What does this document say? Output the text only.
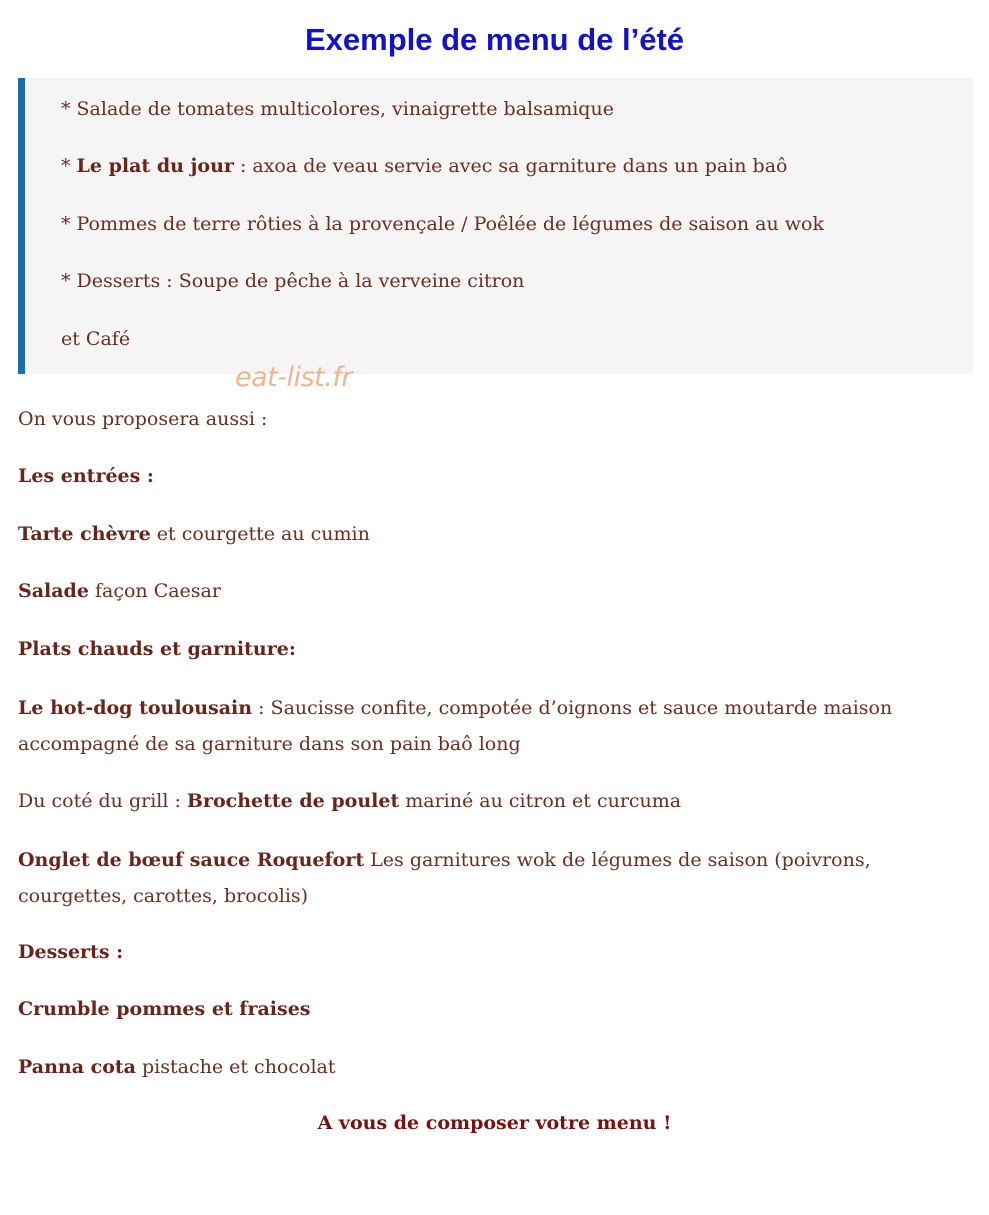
Exemple de menu de l’été

* Salade de tomates multicolores, vinaigrette balsamique

* Le plat du jour : axoa de veau servie avec sa garniture dans un pain baô

* Pommes de terre rôties à la provençale / Poêlée de légumes de saison au wok

* Desserts : Soupe de pêche à la verveine citron

et Café

eat-list.fr

On vous proposera aussi :

Les entrées :

Tarte chèvre et courgette au cumin

Salade façon Caesar

Plats chauds et garniture:

Le hot-dog toulousain : Saucisse confite, compotée d’oignons et sauce moutarde maison accompagné de sa garniture dans son pain baô long

Du coté du grill : Brochette de poulet mariné au citron et curcuma

Onglet de bœuf sauce Roquefort Les garnitures wok de légumes de saison (poivrons, courgettes, carottes, brocolis)

Desserts :

Crumble pommes et fraises

Panna cota pistache et chocolat

A vous de composer votre menu !
